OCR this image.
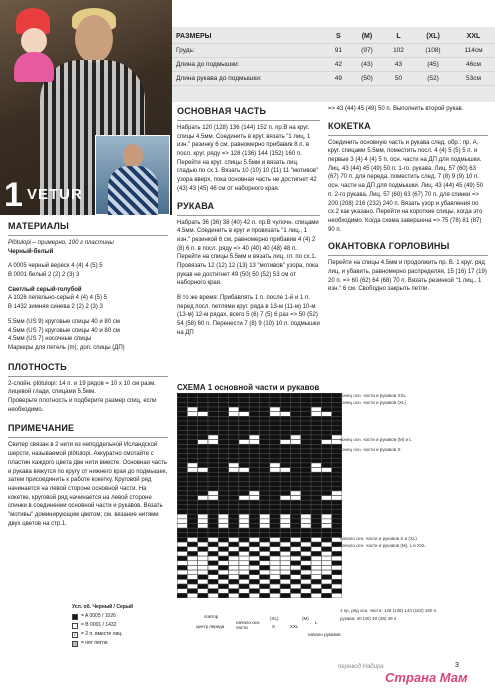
1 VETUR
РАЗМЕРЫ	S	(M)	L	(XL)	XXL
Грудь:	91	(97)	102	(108)	114см
Длина до подмышки:	42	(43)	43	(45)	46см
Длина рукава до подмышки:	49	(50)	50	(52)	53см
МАТЕРИАЛЫ
Plötulopi – примерно, 100 г пластины
Черный-белый
A 0005 черный вереск 4 (4) 4 (5) 5
B 0001 белый 2 (2) 2 (3) 3
Светлый серый-голубой
A 1026 пепельно-серый 4 (4) 4 (5) 5
B 1432 зимняя синева 2 (2) 2 (3) 3
5.5мм (US 9) круговые спицы 40 и 80 см
4.5мм (US 7) круговые спицы 40 и 80 см
4.5мм (US 7) носочные спицы
Маркеры для петель (m); доп. спицы (ДП)
ПЛОТНОСТЬ
2-слойн. plötulopi: 14 п. и 19 рядов = 10 х 10 см разм. лицевой глади, спицами 5.5мм.
Проверьте плотность и подберите размер спиц, если необходимо.
ПРИМЕЧАНИЕ
Свитер связан в 2 нити из неподдельной Исландской шерсти, называемой plötulopi. Аккуратно смотайте с пластин каждого цвета две нити вместе. Основная часть и рукава вяжутся по кругу от нижнего края до подмышек, затем присоединить к работе кокетку. Круговой ряд начинается на левой стороне основной части. На кокетке, круговой ряд начинается на левой стороне спинки в соединении основной части и рукавов. Вязать "мотивы" доминирующим цветом; см. вязание нитями двух цветов на стр.1.
Усл. об. Черный / Серый
= A 0005 / 1026
= B 0001 / 1432
/	= 2 п. вместе лиц.
= нет петли
ОСНОВНАЯ ЧАСТЬ
Набрать 120 (128) 136 (144) 152 п. пр.В на круг. спицы 4.5мм. Соединить в круг, вязать "1 лиц, 1 изн." резинку 6 см, равномерно прибавив 8 п. в посл. круг. ряду => 128 (136) 144 (152) 160 п. Перейти на круг. спицы 5.5мм и вязать лиц. гладью по сх.1. Вязать 10 (10) 10 (11) 11 "мотивов" узора вверх, пока основная часть не достигнет 42 (43) 43 (45) 46 см от наборного края.
РУКАВА
Набрать 36 (36) 38 (40) 42 п. пр.В чулочн. спицами 4.5мм. Соединить в круг и провязать "1 лиц., 1 изн." резинкой 6 см, равномерно прибавив 4 (4) 2 (8) 6 п. в посл. ряду => 40 (40) 40 (48) 48 п. Перейти на спицы 5.5мм и вязать лиц. гл. по сх.1. Провязать 12 (12) 12 (13) 13 "мотивов" узора, пока рукав не достигнет 49 (50) 50 (52) 53 см от наборного края.
В то же время: Прибавлять 1 п. после 1-й и 1 п. перед посл. петлями круг. ряда в 13-м (11-м) 10-м (13-м) 12-м рядах, всего 5 (6) 7 (5) 6 раз => 50 (52) 54 (58) 60 п. Перенести 7 (8) 9 (10) 10 п. подмышки на ДП
=> 43 (44) 45 (49) 50 п. Выполнить второй рукав.
КОКЕТКА
Соединить основную часть и рукава след. обр.: пр. А, круг. спицами 5.5мм, поместить посл. 4 (4) 5 (5) 5 п. и первые 3 (4) 4 (4) 5 п. осн. части на ДП для подмышки. Лиц. 43 (44) 45 (49) 50 п. 1-го. рукава. Лиц. 57 (60) 63 (67) 70 п. для переда, поместить след. 7 (8) 9 (9) 10 п. осн. части на ДП для подмышки. Лиц. 43 (44) 45 (49) 50 п. 2-го рукава. Лиц. 57 (60) 63 (67) 70 п. для спинки => 200 (208) 216 (232) 240 п. Вязать узор и убавления по сх.2 как указано. Перейти на короткие спицы, когда это необходимо. Когда схема завершена => 75 (78) 81 (87) 90 п.
ОКАНТОВКА ГОРЛОВИНЫ
Перейти на спицы 4.5мм и продолжить пр. В. 1 круг. ряд лиц, и убавить, равномерно распределяя, 15 (16) 17 (19) 20 п. => 60 (62) 64 (68) 70 п. Вязать резинкой "1 лиц., 1 изн." 6 см. Свободно закрыть петли.
СХЕМА 1 основной части и рукавов
конец осн. части и рукавов XXL
конец осн. части и рукавов (XL)
конец осн. части и рукавов (M) и L
конец осн. части и рукавов S
начало осн. части и рукавов S и (XL)
начало осн. части и рукавов (M), L и XXL
1 пр. ряд осн. части: 128 (136) 144 (152) 160 п.
рукава: 40 (40) 40 (48) 48 п.
повтор
центр переда
начало осн. части
(XL)
S	XXL
(M)
L
начало рукавов
перевод Надира	3
Страна Мам
